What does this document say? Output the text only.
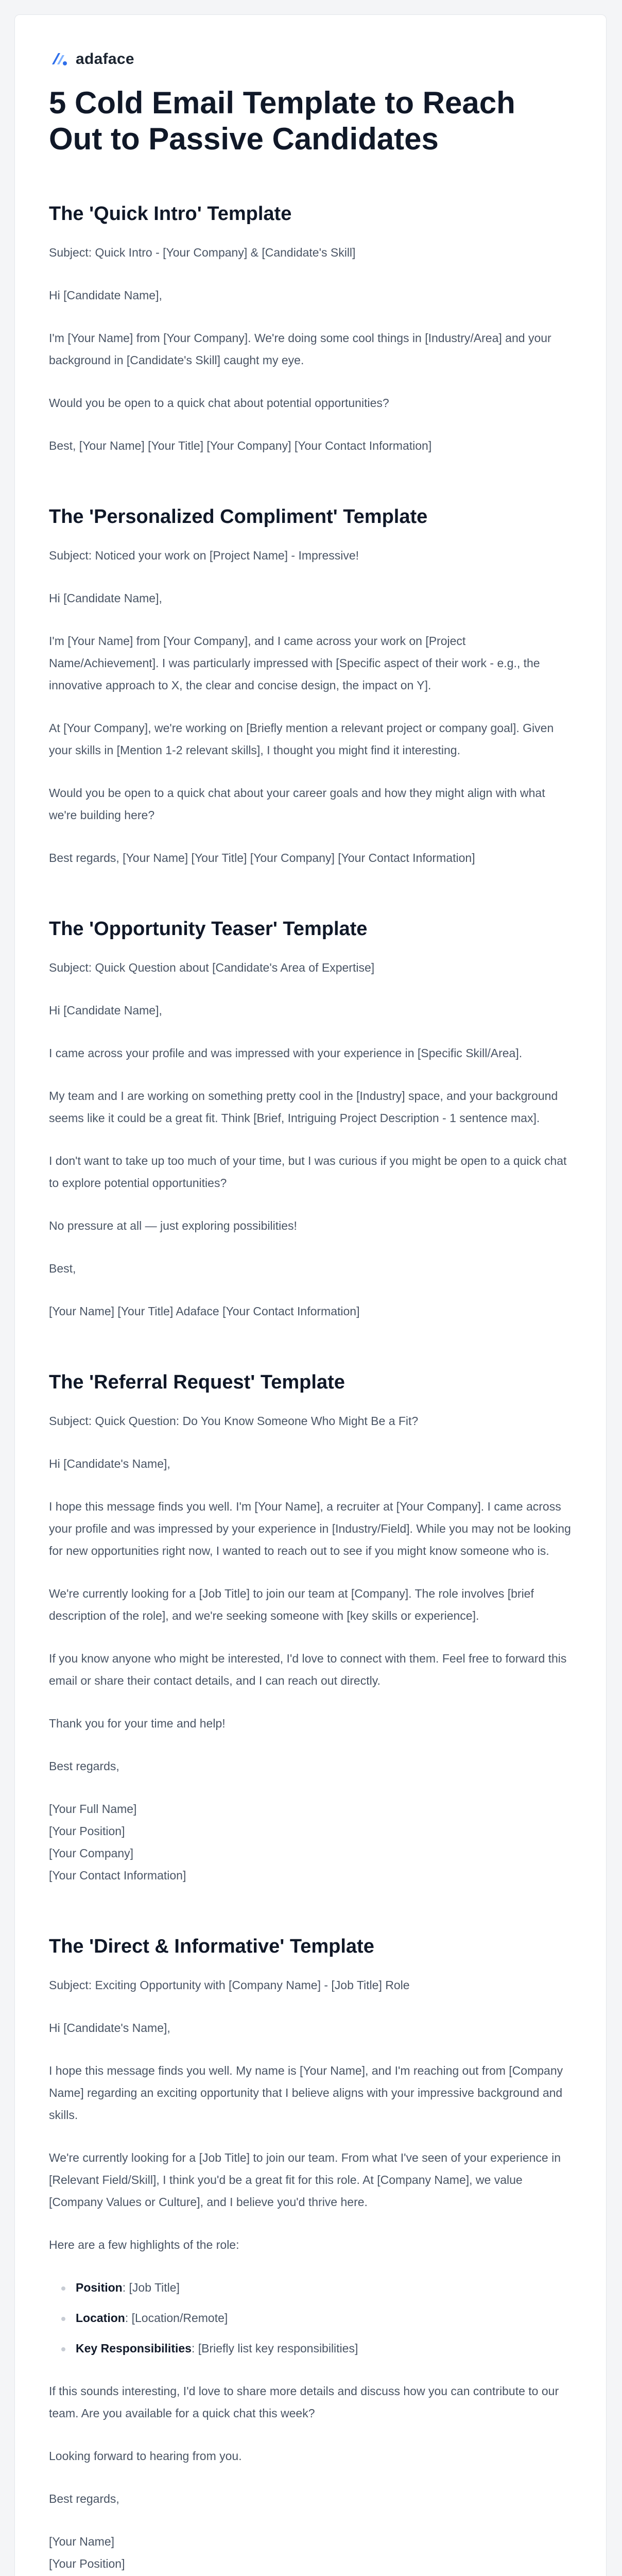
adaface
5 Cold Email Template to Reach Out to Passive Candidates
The 'Quick Intro' Template

Subject: Quick Intro - [Your Company] & [Candidate's Skill]

Hi [Candidate Name],

I'm [Your Name] from [Your Company]. We're doing some cool things in [Industry/Area] and your background in [Candidate's Skill] caught my eye.

Would you be open to a quick chat about potential opportunities?

Best, [Your Name] [Your Title] [Your Company] [Your Contact Information]

The 'Personalized Compliment' Template

Subject: Noticed your work on [Project Name] - Impressive!

Hi [Candidate Name],

I'm [Your Name] from [Your Company], and I came across your work on [Project Name/Achievement]. I was particularly impressed with [Specific aspect of their work - e.g., the innovative approach to X, the clear and concise design, the impact on Y].

At [Your Company], we're working on [Briefly mention a relevant project or company goal]. Given your skills in [Mention 1-2 relevant skills], I thought you might find it interesting.

Would you be open to a quick chat about your career goals and how they might align with what we're building here?

Best regards, [Your Name] [Your Title] [Your Company] [Your Contact Information]

The 'Opportunity Teaser' Template

Subject: Quick Question about [Candidate's Area of Expertise]

Hi [Candidate Name],

I came across your profile and was impressed with your experience in [Specific Skill/Area].

My team and I are working on something pretty cool in the [Industry] space, and your background seems like it could be a great fit. Think [Brief, Intriguing Project Description - 1 sentence max].

I don't want to take up too much of your time, but I was curious if you might be open to a quick chat to explore potential opportunities?

No pressure at all — just exploring possibilities!

Best,

[Your Name] [Your Title] Adaface [Your Contact Information]

The 'Referral Request' Template

Subject: Quick Question: Do You Know Someone Who Might Be a Fit?

Hi [Candidate's Name],

I hope this message finds you well. I'm [Your Name], a recruiter at [Your Company]. I came across your profile and was impressed by your experience in [Industry/Field]. While you may not be looking for new opportunities right now, I wanted to reach out to see if you might know someone who is.

We're currently looking for a [Job Title] to join our team at [Company]. The role involves [brief description of the role], and we're seeking someone with [key skills or experience].

If you know anyone who might be interested, I'd love to connect with them. Feel free to forward this email or share their contact details, and I can reach out directly.

Thank you for your time and help!

Best regards,

[Your Full Name]
[Your Position]
[Your Company]
[Your Contact Information]

The 'Direct & Informative' Template

Subject: Exciting Opportunity with [Company Name] - [Job Title] Role

Hi [Candidate's Name],

I hope this message finds you well. My name is [Your Name], and I'm reaching out from [Company Name] regarding an exciting opportunity that I believe aligns with your impressive background and skills.

We're currently looking for a [Job Title] to join our team. From what I've seen of your experience in [Relevant Field/Skill], I think you'd be a great fit for this role. At [Company Name], we value [Company Values or Culture], and I believe you'd thrive here.

Here are a few highlights of the role:

Position: [Job Title]
Location: [Location/Remote]
Key Responsibilities: [Briefly list key responsibilities]

If this sounds interesting, I'd love to share more details and discuss how you can contribute to our team. Are you available for a quick chat this week?

Looking forward to hearing from you.

Best regards,

[Your Name]
[Your Position]
